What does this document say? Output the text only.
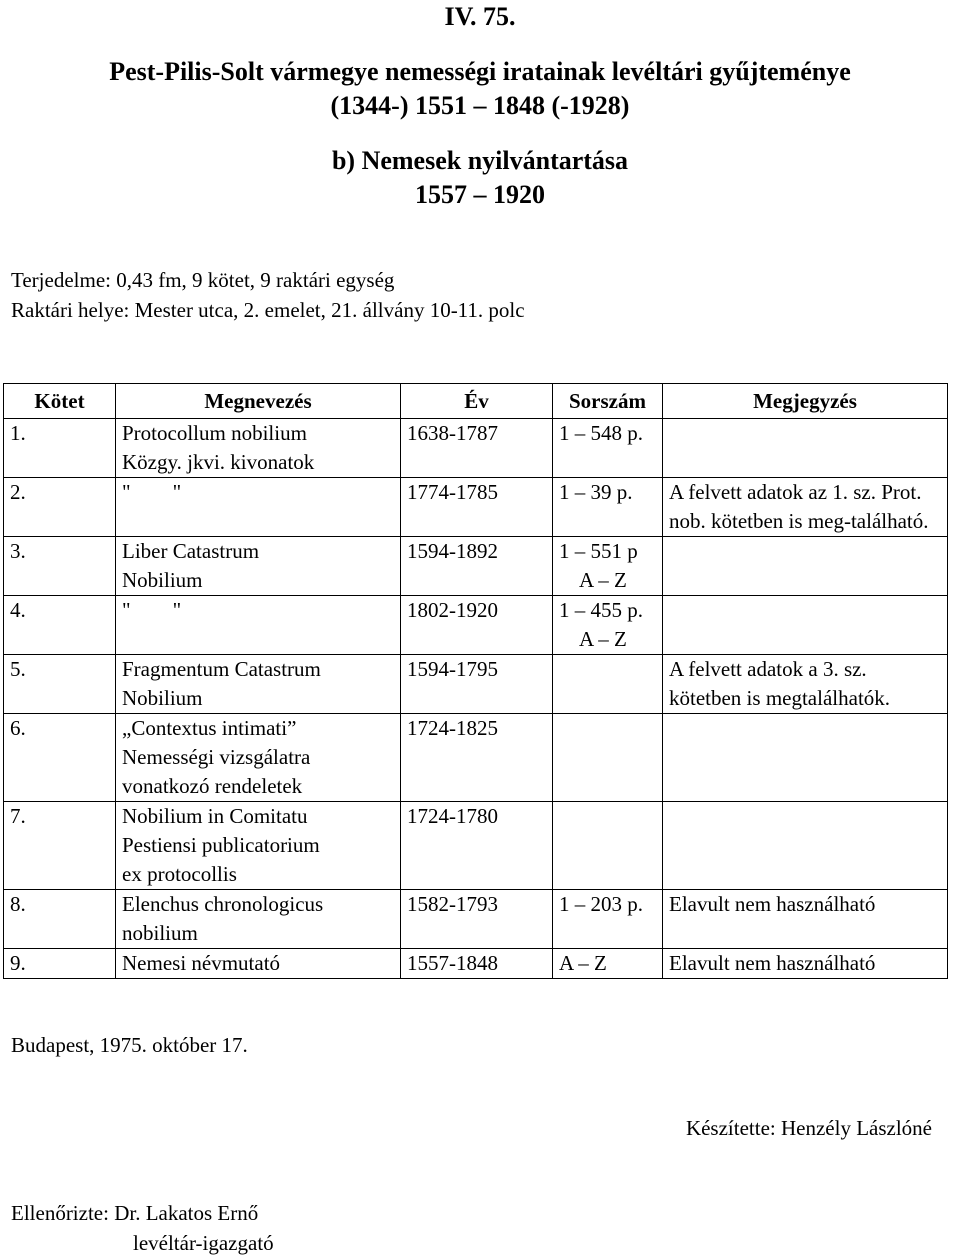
IV. 75.
Pest-Pilis-Solt vármegye nemességi iratainak levéltári gyűjteménye
(1344-) 1551 – 1848 (-1928)
b) Nemesek nyilvántartása
1557 – 1920
Terjedelme: 0,43 fm, 9 kötet, 9 raktári egység
Raktári helye: Mester utca, 2. emelet, 21. állvány 10-11. polc
Kötet	Megnevezés	Év	Sorszám	Megjegyzés
1.	Protocollum nobilium
Közgy. jkvi. kivonatok	1638-1787	1 – 548 p.	

2.	"        "	1774-1785	1 – 39 p.	A felvett adatok az 1. sz. Prot. nob. kötetben is meg-található.
3.	Liber Catastrum
Nobilium	1594-1892	1 – 551 p
A – Z	

4.	"        "	1802-1920	1 – 455 p.
A – Z	

5.	Fragmentum Catastrum
Nobilium	1594-1795		A felvett adatok a 3. sz. kötetben is megtalálhatók.
6.	„Contextus intimati”
Nemességi vizsgálatra
vonatkozó rendeletek	1724-1825		
7.	Nobilium in Comitatu
Pestiensi publicatorium
ex protocollis	1724-1780		
8.	Elenchus chronologicus
nobilium	1582-1793	1 – 203 p.	Elavult nem használható
9.	Nemesi névmutató	1557-1848	A – Z	Elavult nem használható
Budapest, 1975. október 17.
Készítette: Henzély Lászlóné
Ellenőrizte: Dr. Lakatos Ernő
levéltár-igazgató
